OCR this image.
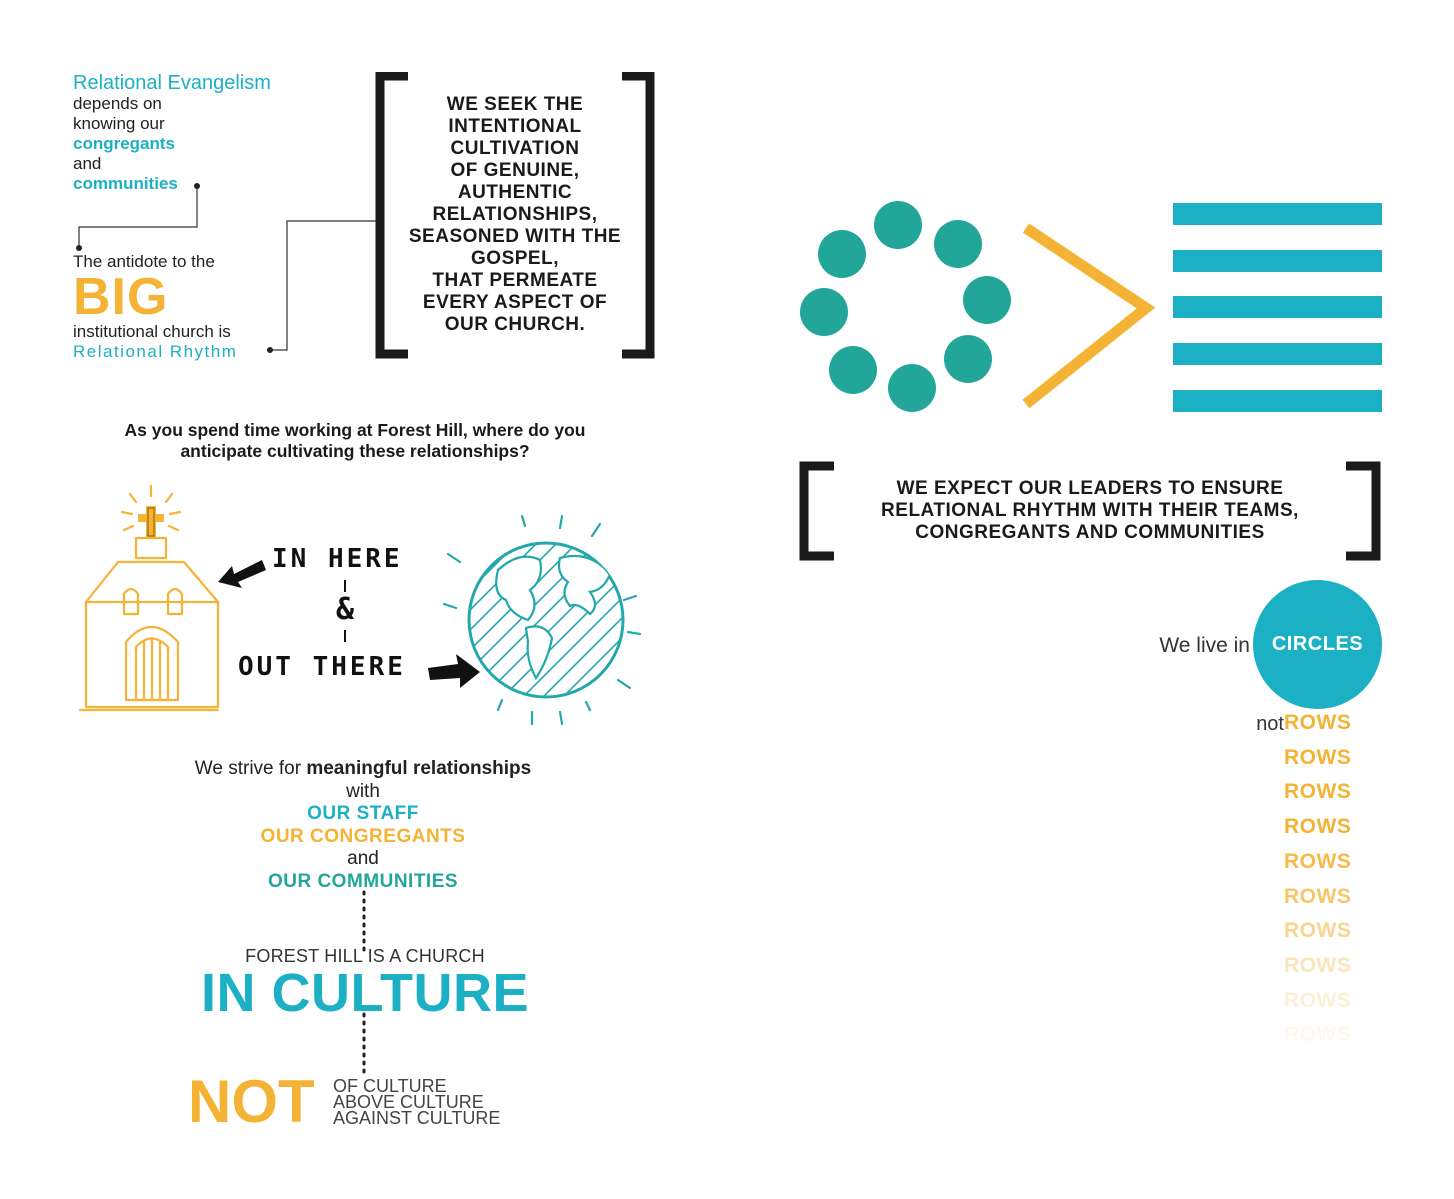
Relational Evangelism
depends on
knowing our
congregants
and
communities
The antidote to the
BIG
institutional church is
Relational Rhythm
WE SEEK THE
INTENTIONAL
CULTIVATION
OF GENUINE,
AUTHENTIC
RELATIONSHIPS,
SEASONED WITH THE
GOSPEL,
THAT PERMEATE
EVERY ASPECT OF
OUR CHURCH.
As you spend time working at Forest Hill, where do you
anticipate cultivating these relationships?
IN HERE
&
OUT THERE
We strive for meaningful relationships
with
OUR STAFF
OUR CONGREGANTS
and
OUR COMMUNITIES
FOREST HILL IS A CHURCH
IN CULTURE
NOT OF CULTURE
ABOVE CULTURE
AGAINST CULTURE
WE EXPECT OUR LEADERS TO ENSURE
RELATIONAL RHYTHM WITH THEIR TEAMS,
CONGREGANTS AND COMMUNITIES
We live in	CIRCLES
not ROWS
ROWS
ROWS
ROWS
ROWS
ROWS
ROWS
ROWS
ROWS
ROWS
